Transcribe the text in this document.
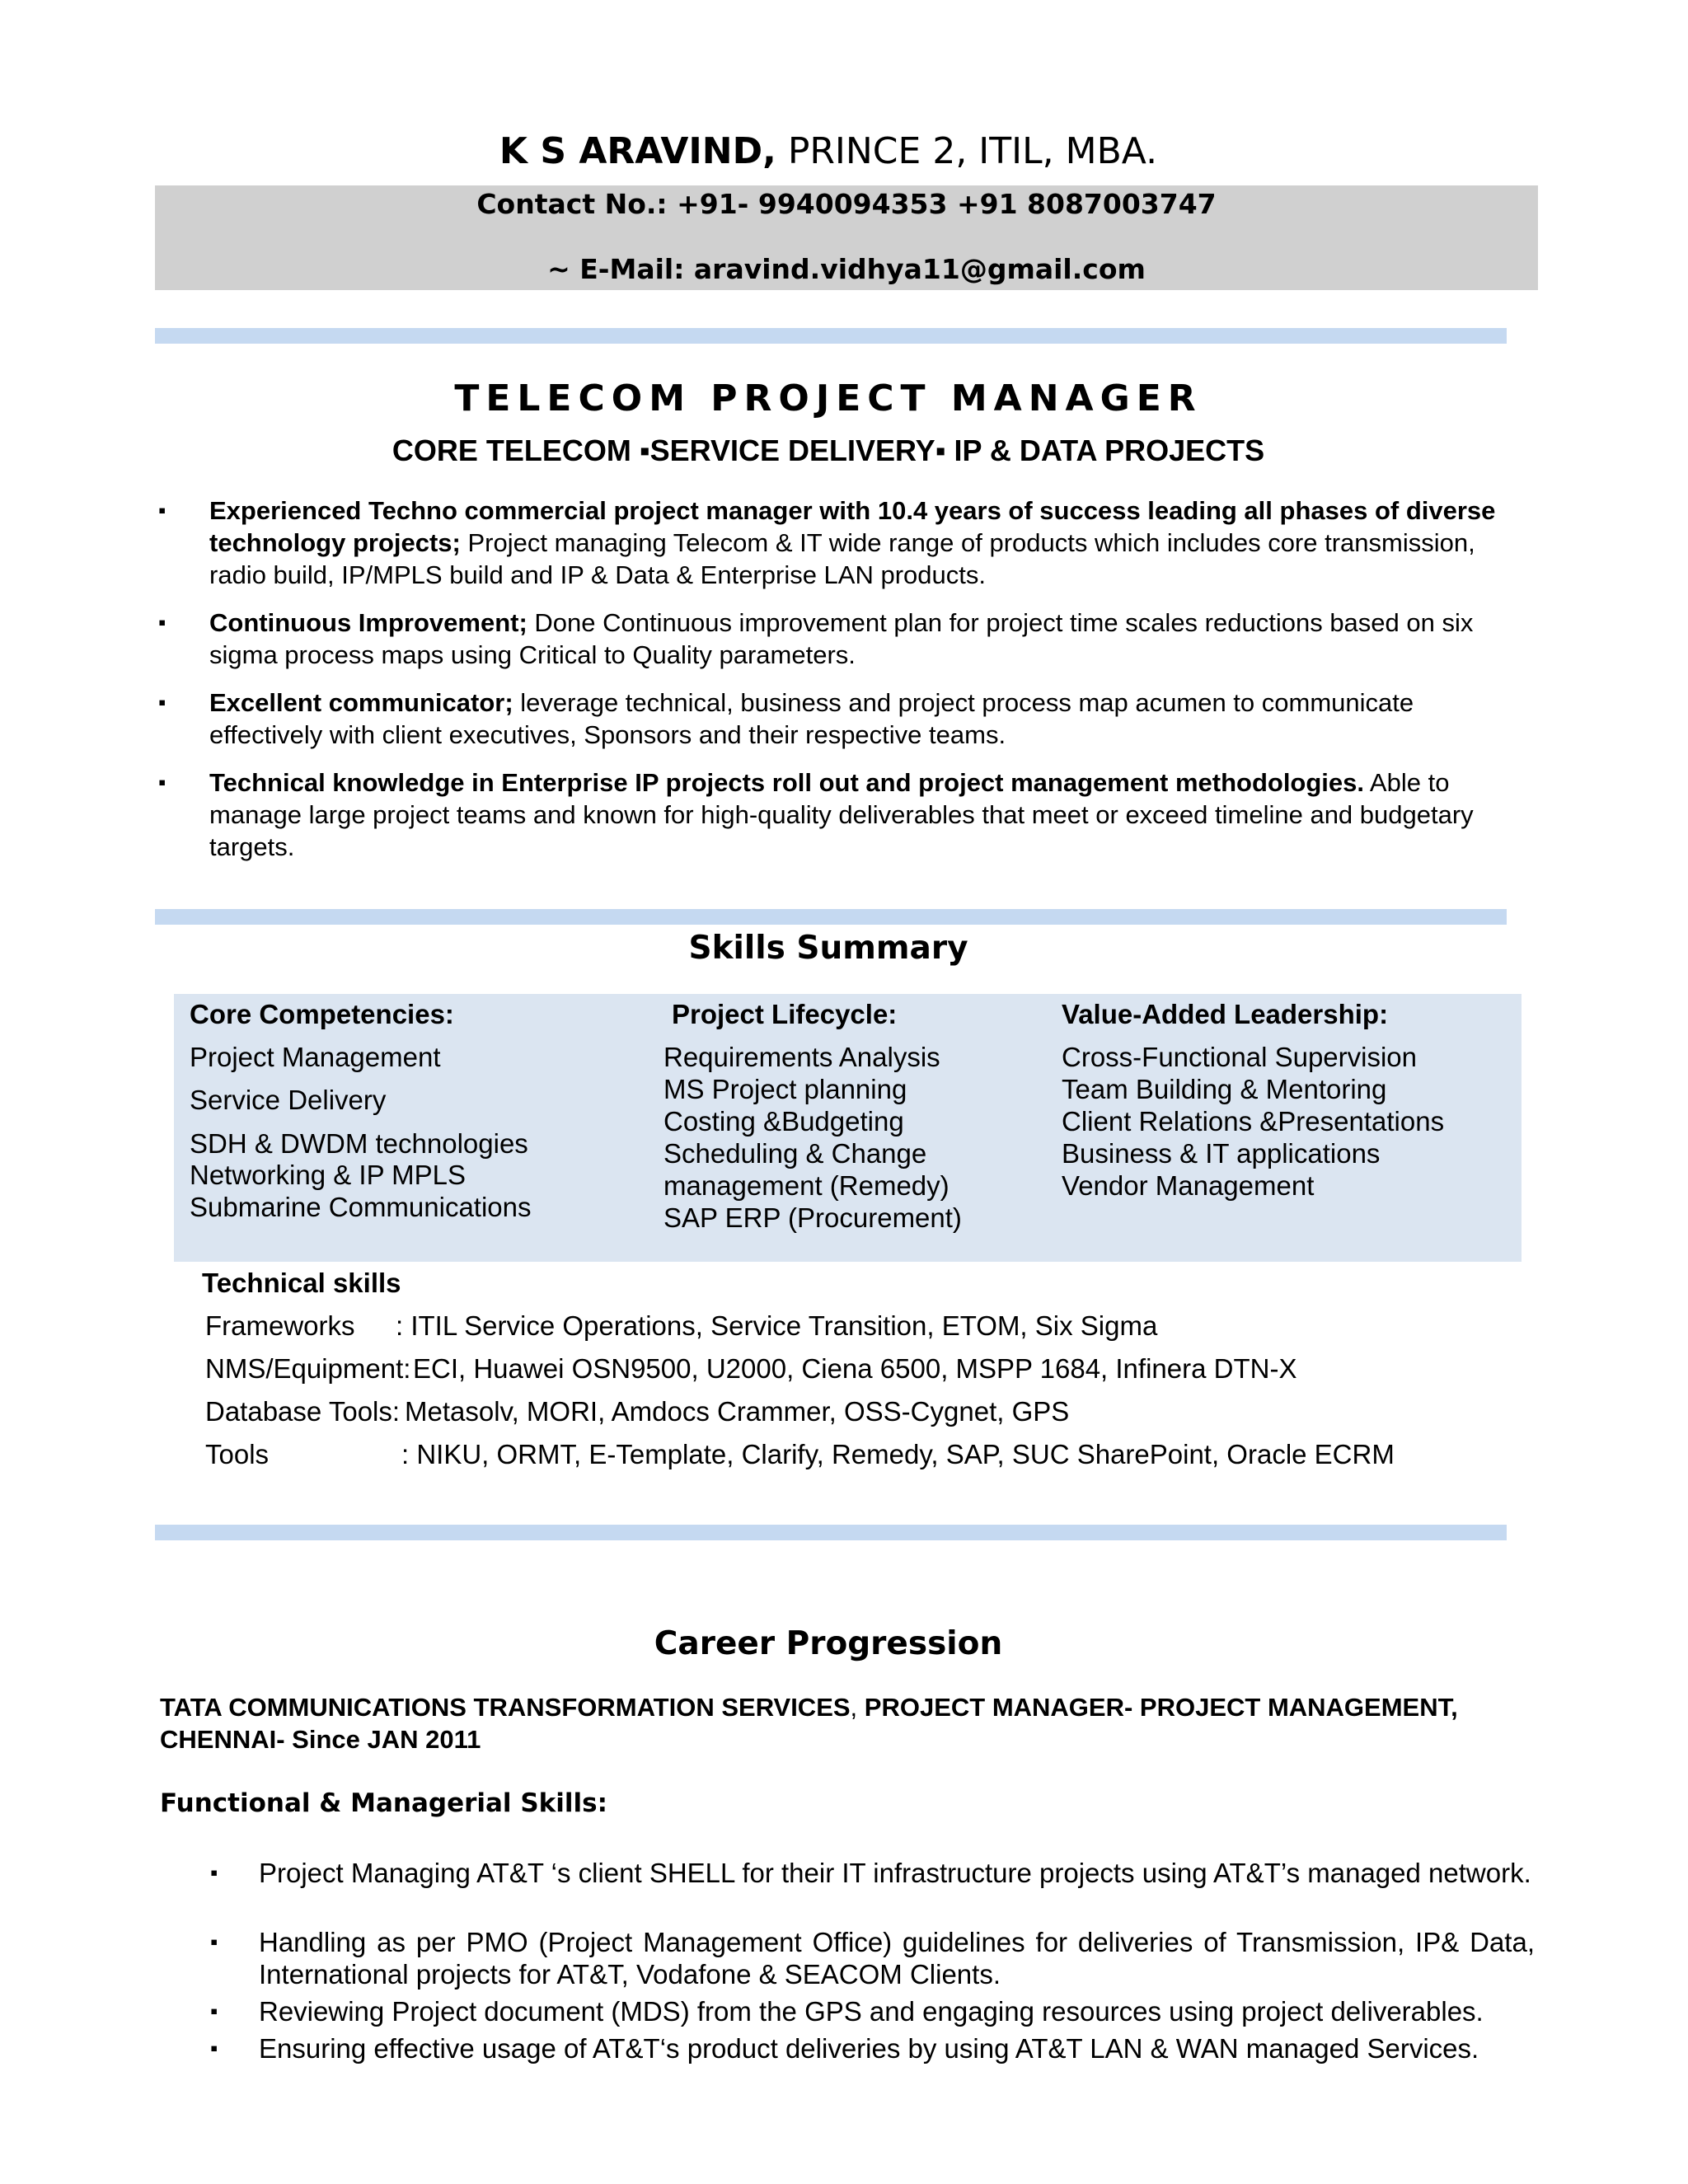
K S ARAVIND, PRINCE 2, ITIL, MBA.
Contact No.: +91- 9940094353 +91 8087003747
~ E-Mail: aravind.vidhya11@gmail.com
TELECOM PROJECT MANAGER
CORE TELECOM ▪SERVICE DELIVERY▪ IP & DATA PROJECTS
▪ Experienced Techno commercial project manager with 10.4 years of success leading all phases of diverse technology projects; Project managing Telecom & IT wide range of products which includes core transmission, radio build, IP/MPLS build and IP & Data & Enterprise LAN products.
▪ Continuous Improvement; Done Continuous improvement plan for project time scales reductions based on six sigma process maps using Critical to Quality parameters.
▪ Excellent communicator; leverage technical, business and project process map acumen to communicate effectively with client executives, Sponsors and their respective teams.
▪ Technical knowledge in Enterprise IP projects roll out and project management methodologies. Able to manage large project teams and known for high-quality deliverables that meet or exceed timeline and budgetary targets.
Skills Summary
Core Competencies:
Project Management
Service Delivery
SDH & DWDM technologies
Networking & IP MPLS
Submarine Communications
Project Lifecycle:
Requirements Analysis
MS Project planning
Costing &Budgeting
Scheduling & Change
management (Remedy)
SAP ERP (Procurement)
Value-Added Leadership:
Cross-Functional Supervision
Team Building & Mentoring
Client Relations &Presentations
Business & IT applications
Vendor Management
Technical skills
Frameworks : ITIL Service Operations, Service Transition, ETOM, Six Sigma
NMS/Equipment: ECI, Huawei OSN9500, U2000, Ciena 6500, MSPP 1684, Infinera DTN-X
Database Tools: Metasolv, MORI, Amdocs Crammer, OSS-Cygnet, GPS
Tools	: NIKU, ORMT, E-Template, Clarify, Remedy, SAP, SUC SharePoint, Oracle ECRM
Career Progression
TATA COMMUNICATIONS TRANSFORMATION SERVICES, PROJECT MANAGER- PROJECT MANAGEMENT, CHENNAI- Since JAN 2011
Functional & Managerial Skills:
▪ Project Managing AT&T ‘s client SHELL for their IT infrastructure projects using AT&T’s managed network.
▪ Handling as per PMO (Project Management Office) guidelines for deliveries of Transmission, IP& Data, International projects for AT&T, Vodafone & SEACOM Clients.
▪ Reviewing Project document (MDS) from the GPS and engaging resources using project deliverables.
▪ Ensuring effective usage of AT&T‘s product deliveries by using AT&T LAN & WAN managed Services.
